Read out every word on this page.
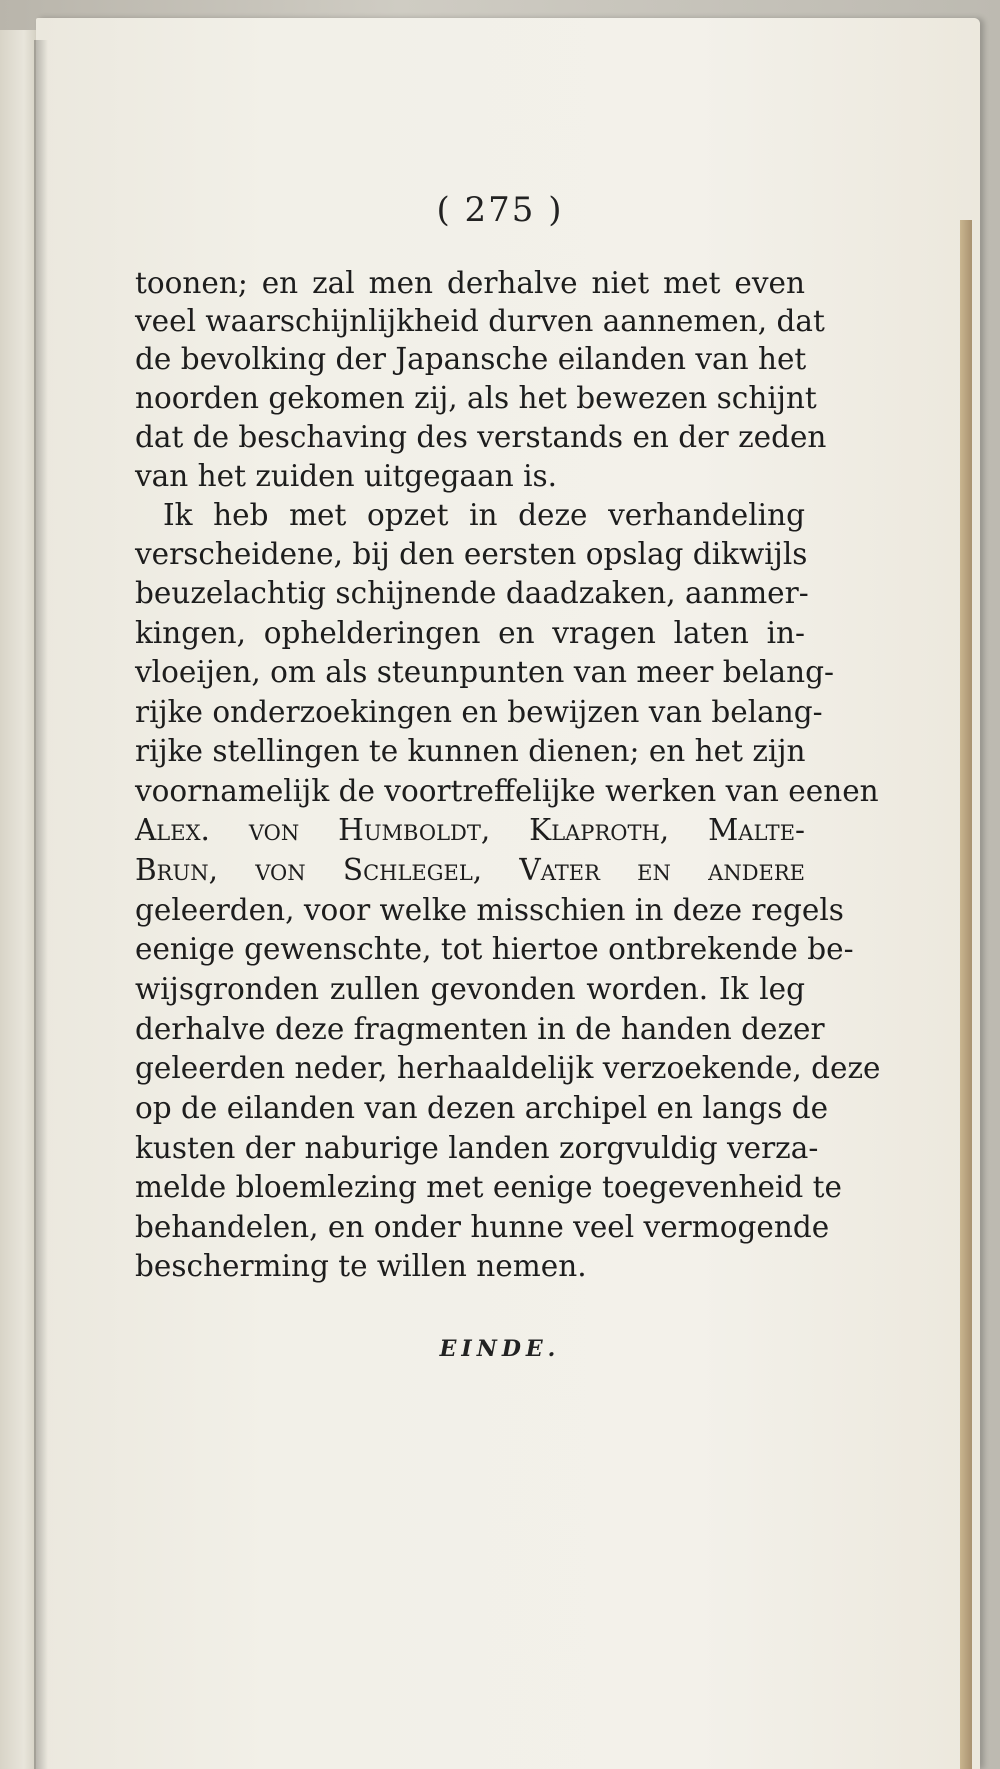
( 275 )
toonen; en zal men derhalve niet met even
veel waarschijnlijkheid durven aannemen, dat
de bevolking der Japansche eilanden van het
noorden gekomen zij, als het bewezen schijnt
dat de beschaving des verstands en der zeden
van het zuiden uitgegaan is.
Ik heb met opzet in deze verhandeling
verscheidene, bij den eersten opslag dikwijls
beuzelachtig schijnende daadzaken, aanmer-
kingen, ophelderingen en vragen laten in-
vloeijen, om als steunpunten van meer belang-
rijke onderzoekingen en bewijzen van belang-
rijke stellingen te kunnen dienen; en het zijn
voornamelijk de voortreffelijke werken van eenen
Alex. von Humboldt, Klaproth, Malte-
Brun, von Schlegel, Vater en andere
geleerden, voor welke misschien in deze regels
eenige gewenschte, tot hiertoe ontbrekende be-
wijsgronden zullen gevonden worden. Ik leg
derhalve deze fragmenten in de handen dezer
geleerden neder, herhaaldelijk verzoekende, deze
op de eilanden van dezen archipel en langs de
kusten der naburige landen zorgvuldig verza-
melde bloemlezing met eenige toegevenheid te
behandelen, en onder hunne veel vermogende
bescherming te willen nemen.
EINDE.
